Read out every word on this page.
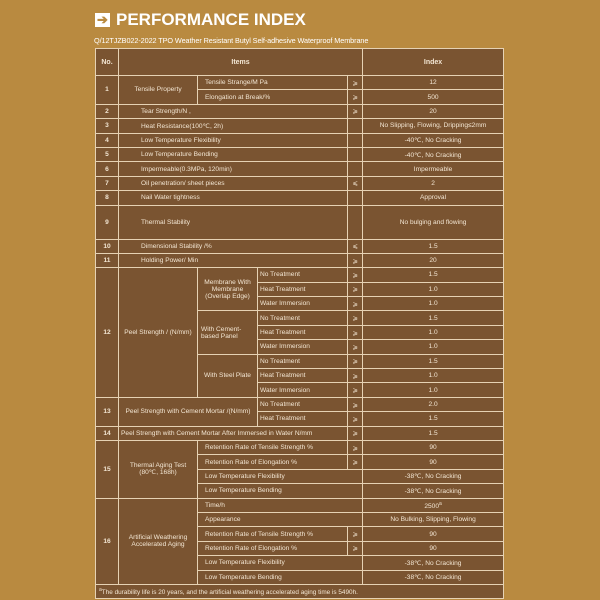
➔ PERFORMANCE INDEX
Q/12TJZB022-2022 TPO Weather Resistant Butyl Self-adhesive Waterproof Membrane
No.	Items				Index
1	Tensile Property	Tensile Strange/M Pa		⩾	12
		Elongation at Break/%		⩾	500
2	Tear Strength/N ,			⩾	20
3	Heat Resistance(100℃, 2h)				No Slipping, Flowing, Dripping≤2mm
4	Low Temperature Flexibility				-40℃, No Cracking
5	Low Temperature Bending				-40℃, No Cracking
6	Impermeable(0.3MPa, 120min)				Impermeable
7	Oil penetration/ sheet pieces			⩽	2
8	Nail Water tightness				Approval
9	Thermal Stability				No bulging and flowing
10	Dimensional Stability /%			⩽	1.5
11	Holding Power/ Min			⩾	20
12	Peel Strength / (N/mm)	Membrane With Membrane (Overlap Edge)	No Treatment	⩾	1.5
			Heat Treatment	⩾	1.0
			Water Immersion	⩾	1.0
		With Cement-based Panel	No Treatment	⩾	1.5
			Heat Treatment	⩾	1.0
			Water Immersion	⩾	1.0
		With Steel Plate	No Treatment	⩾	1.5
			Heat Treatment	⩾	1.0
			Water Immersion	⩾	1.0
13	Peel Strength with Cement Mortar /(N/mm)		No Treatment	⩾	2.0
			Heat Treatment	⩾	1.5
14	Peel Strength with Cement Mortar After Immersed in Water N/mm			⩾	1.5
15	Thermal Aging Test (80℃, 168h)	Retention Rate of Tensile Strength %		⩾	90
		Retention Rate of Elongation %		⩾	90
		Low Temperature Flexibility			-38℃, No Cracking
		Low Temperature Bending			-38℃, No Cracking
16	Artificial Weathering Accelerated Aging	Time/h			2500$^a$
		Appearance			No Bulking, Slipping, Flowing
		Retention Rate of Tensile Strength %		⩾	90
		Retention Rate of Elongation %		⩾	90
		Low Temperature Flexibility			-38℃, No Cracking
		Low Temperature Bending			-38℃, No Cracking
$^a$The durability life is 20 years, and the artificial weathering accelerated aging time is 5490h.					
